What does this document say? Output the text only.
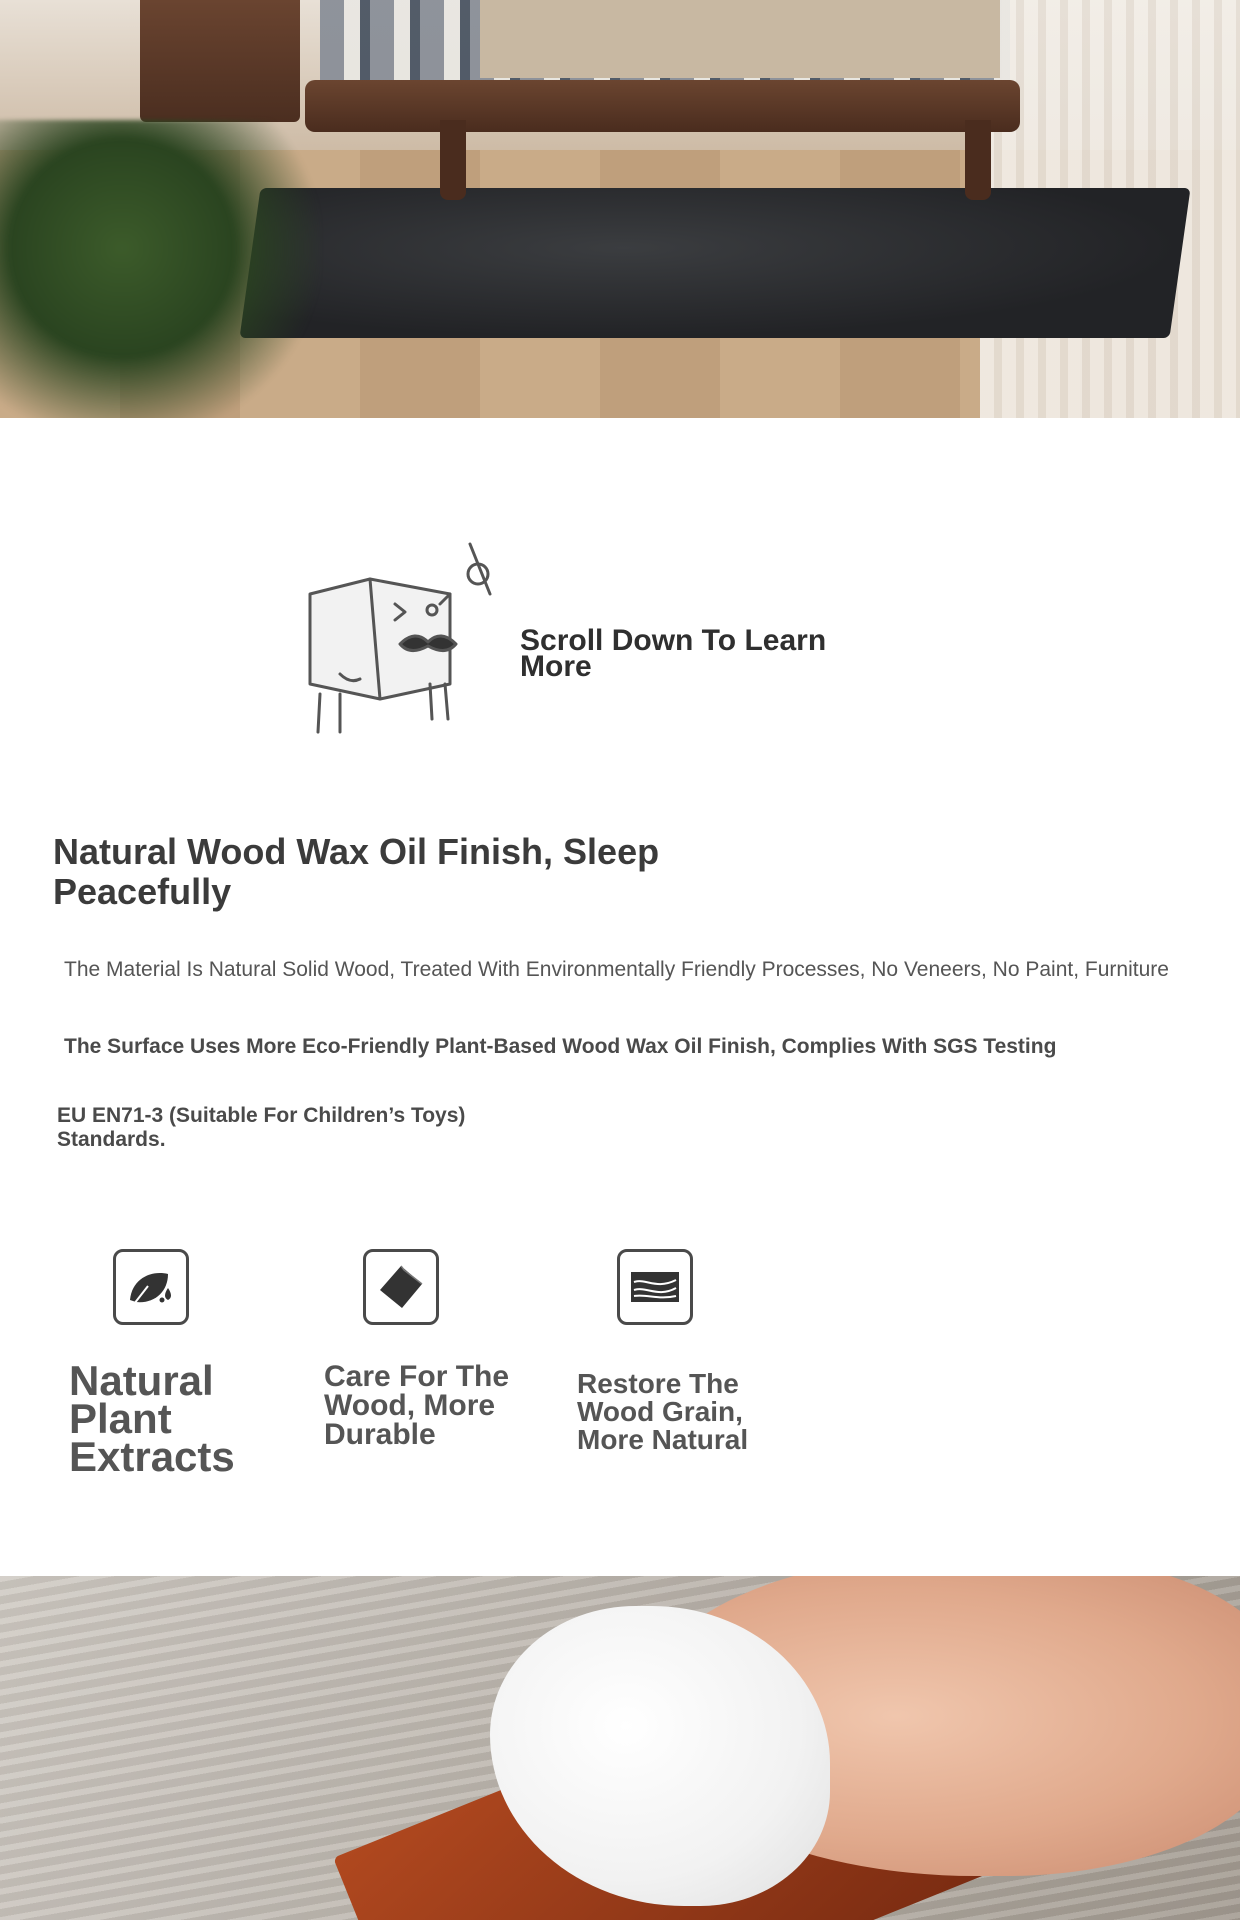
Scroll Down To Learn More
Natural Wood Wax Oil Finish, Sleep Peacefully
The Material Is Natural Solid Wood, Treated With Environmentally Friendly Processes, No Veneers, No Paint, Furniture
The Surface Uses More Eco-Friendly Plant-Based Wood Wax Oil Finish, Complies With SGS Testing
EU EN71-3 (Suitable For Children’s Toys) Standards.
Natural Plant Extracts
Care For The Wood, More Durable
Restore The Wood Grain, More Natural
